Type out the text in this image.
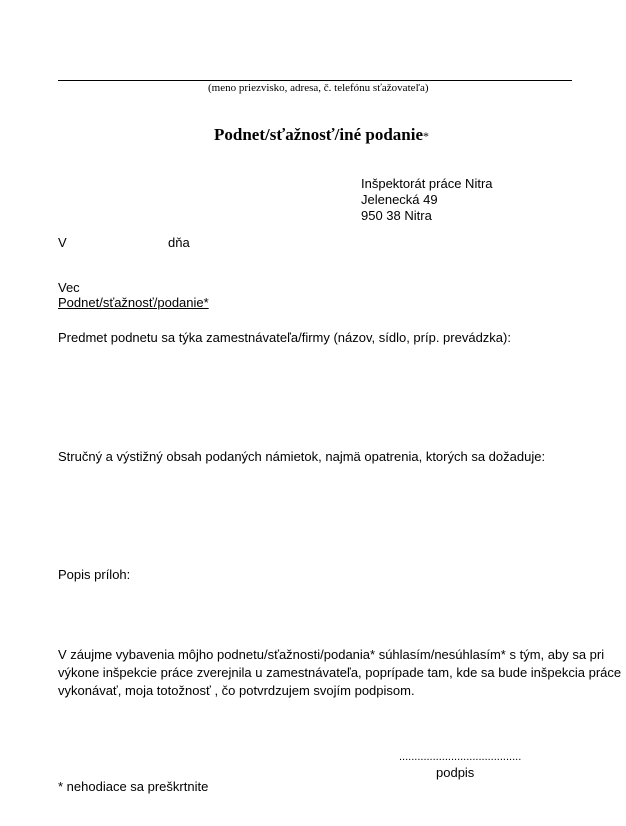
(meno priezvisko, adresa, č. telefónu sťažovateľa)
Podnet/sťažnosť/iné podanie*
Inšpektorát práce Nitra
Jelenecká 49
950 38 Nitra
V	dňa
Vec
Podnet/sťažnosť/podanie*
Predmet podnetu sa týka zamestnávateľa/firmy (názov, sídlo, príp. prevádzka):
Stručný a výstižný obsah podaných námietok, najmä opatrenia, ktorých sa dožaduje:
Popis príloh:
V záujme vybavenia môjho podnetu/sťažnosti/podania* súhlasím/nesúhlasím* s tým, aby sa pri
výkone inšpekcie práce zverejnila u zamestnávateľa, poprípade tam, kde sa bude inšpekcia práce
vykonávať, moja totožnosť , čo potvrdzujem svojím podpisom.
........................................
podpis
* nehodiace sa preškrtnite
